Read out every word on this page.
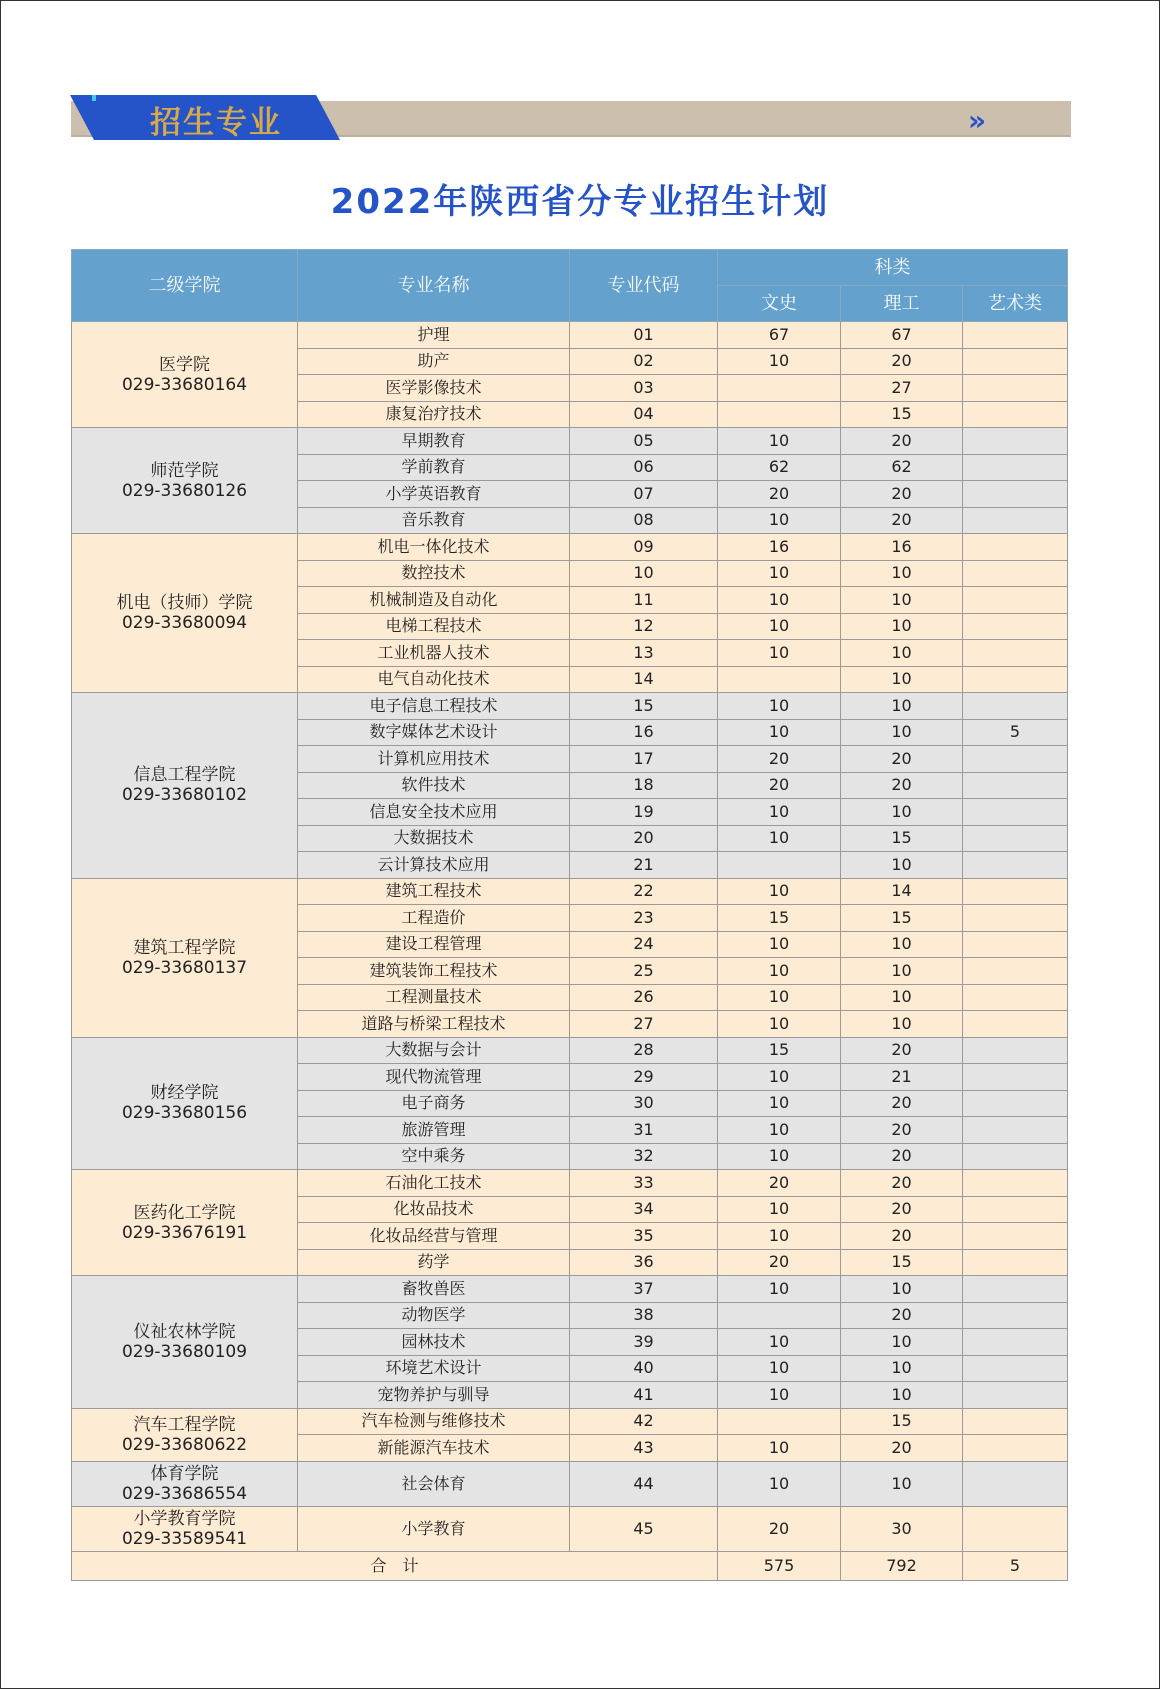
招生专业	»
2022年陕西省分专业招生计划
二级学院	专业名称	专业代码	科类		
			文史	理工	艺术类

医学院
029-33680164	护理	01	67	67	
	助产	02	10	20	
	医学影像技术	03		27	
	康复治疗技术	04		15	

师范学院
029-33680126	早期教育	05	10	20	
	学前教育	06	62	62	
	小学英语教育	07	20	20	
	音乐教育	08	10	20	

机电（技师）学院
029-33680094	机电一体化技术	09	16	16	
	数控技术	10	10	10	
	机械制造及自动化	11	10	10	
	电梯工程技术	12	10	10	
	工业机器人技术	13	10	10	
	电气自动化技术	14		10	

信息工程学院
029-33680102	电子信息工程技术	15	10	10	
	数字媒体艺术设计	16	10	10	5
	计算机应用技术	17	20	20	
	软件技术	18	20	20	
	信息安全技术应用	19	10	10	
	大数据技术	20	10	15	
	云计算技术应用	21		10	

建筑工程学院
029-33680137	建筑工程技术	22	10	14	
	工程造价	23	15	15	
	建设工程管理	24	10	10	
	建筑装饰工程技术	25	10	10	
	工程测量技术	26	10	10	
	道路与桥梁工程技术	27	10	10	

财经学院
029-33680156	大数据与会计	28	15	20	
	现代物流管理	29	10	21	
	电子商务	30	10	20	
	旅游管理	31	10	20	
	空中乘务	32	10	20	

医药化工学院
029-33676191	石油化工技术	33	20	20	
	化妆品技术	34	10	20	
	化妆品经营与管理	35	10	20	
	药学	36	20	15	

仪祉农林学院
029-33680109	畜牧兽医	37	10	10	
	动物医学	38		20	
	园林技术	39	10	10	
	环境艺术设计	40	10	10	
	宠物养护与驯导	41	10	10	

汽车工程学院
029-33680622	汽车检测与维修技术	42		15	
	新能源汽车技术	43	10	20	

体育学院
029-33686554	社会体育	44	10	10	

小学教育学院
029-33589541	小学教育	45	20	30	
合　计			575	792	5
